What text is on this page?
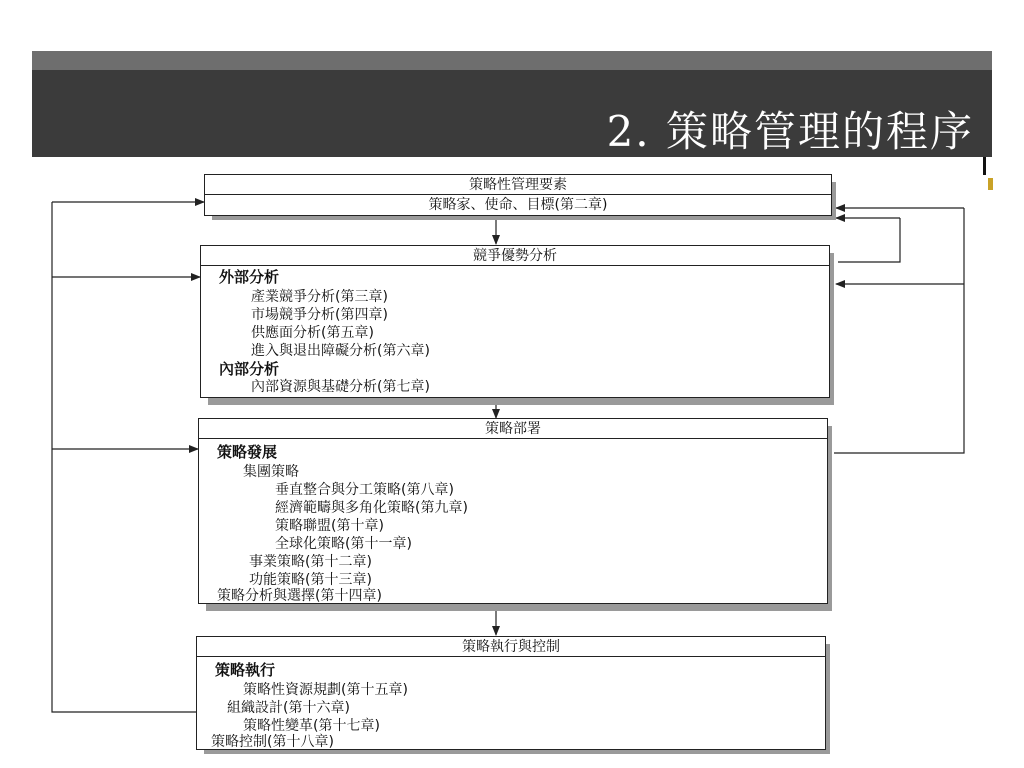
2. 策略管理的程序
策略性管理要素
策略家、使命、目標(第二章)
競爭優勢分析
外部分析
產業競爭分析(第三章)
市場競爭分析(第四章)
供應面分析(第五章)
進入與退出障礙分析(第六章)
內部分析
內部資源與基礎分析(第七章)
策略部署
策略發展
集團策略
垂直整合與分工策略(第八章)
經濟範疇與多角化策略(第九章)
策略聯盟(第十章)
全球化策略(第十一章)
事業策略(第十二章)
功能策略(第十三章)
策略分析與選擇(第十四章)
策略執行與控制
策略執行
策略性資源規劃(第十五章)
組織設計(第十六章)
策略性變革(第十七章)
策略控制(第十八章)
